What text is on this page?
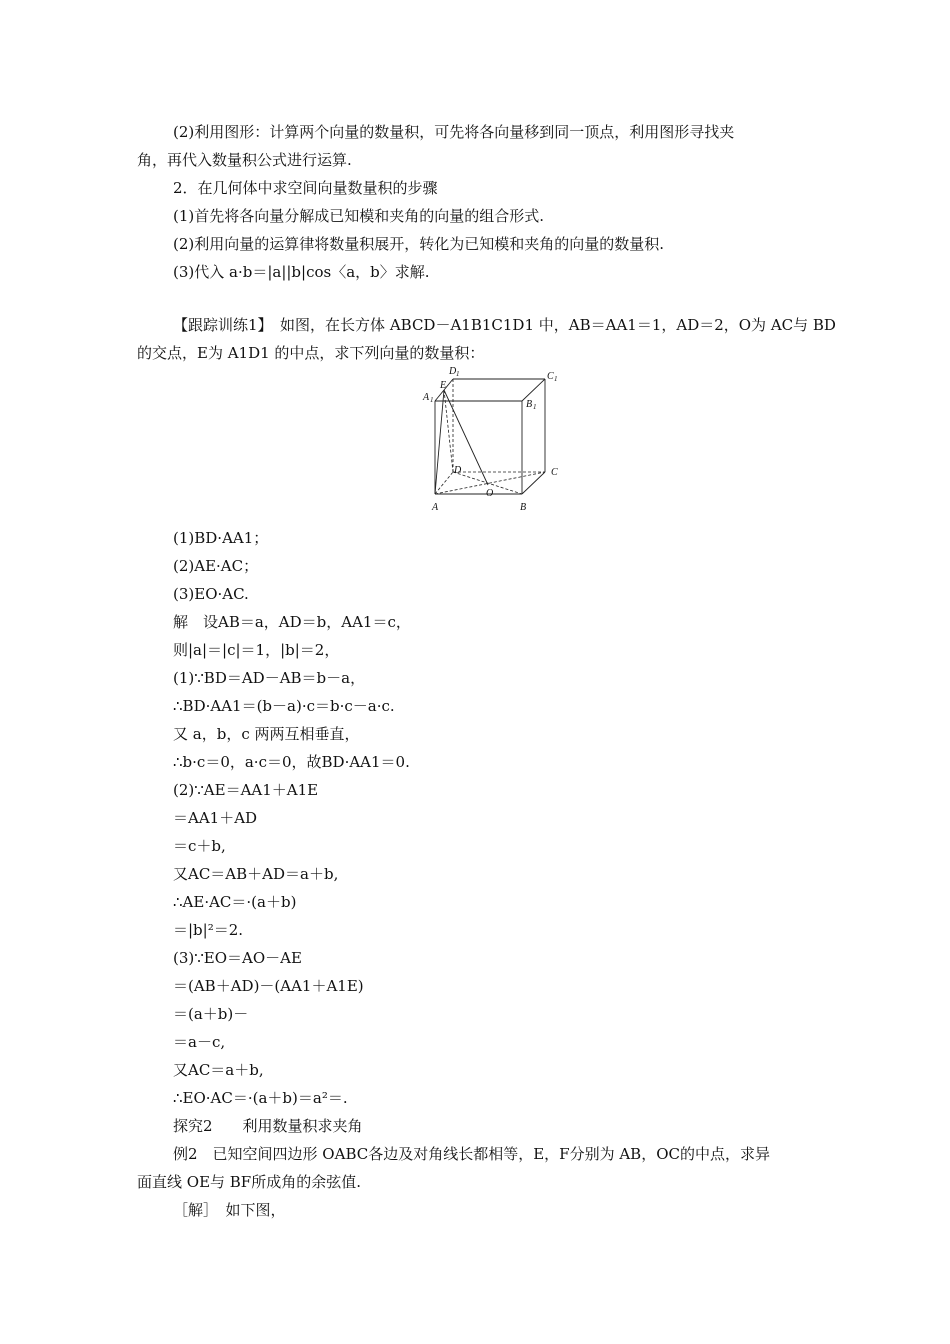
(2)利用图形：计算两个向量的数量积，可先将各向量移到同一顶点，利用图形寻找夹
角，再代入数量积公式进行运算.
2．在几何体中求空间向量数量积的步骤
(1)首先将各向量分解成已知模和夹角的向量的组合形式.
(2)利用向量的运算律将数量积展开，转化为已知模和夹角的向量的数量积.
(3)代入 a·b＝|a||b|cos〈a，b〉求解.
【跟踪训练1】　如图，在长方体 ABCD－A1B1C1D1 中，AB＝AA1＝1，AD＝2，O为 AC与 BD
的交点，E为 A1D1 的中点，求下列向量的数量积：
A	B
C
D
O
E
A 1	B 1
C 1
D 1
(1)BD·AA1；
(2)AE·AC；
(3)EO·AC.
解　设AB＝a，AD＝b，AA1＝c，
则|a|＝|c|＝1，|b|＝2，
(1)∵BD＝AD－AB＝b－a，
∴BD·AA1＝(b－a)·c＝b·c－a·c.
又 a，b，c 两两互相垂直，
∴b·c＝0，a·c＝0，故BD·AA1＝0.
(2)∵AE＝AA1＋A1E
＝AA1＋AD
＝c＋b,
又AC＝AB＋AD＝a＋b,
∴AE·AC＝·(a＋b)
＝|b|²＝2.
(3)∵EO＝AO－AE
＝(AB＋AD)－(AA1＋A1E)
＝(a＋b)－
＝a－c,
又AC＝a＋b,
∴EO·AC＝·(a＋b)＝a²＝.
探究2　　利用数量积求夹角
例2　已知空间四边形 OABC各边及对角线长都相等，E，F分别为 AB，OC的中点，求异
面直线 OE与 BF所成角的余弦值.
［解］　如下图，
